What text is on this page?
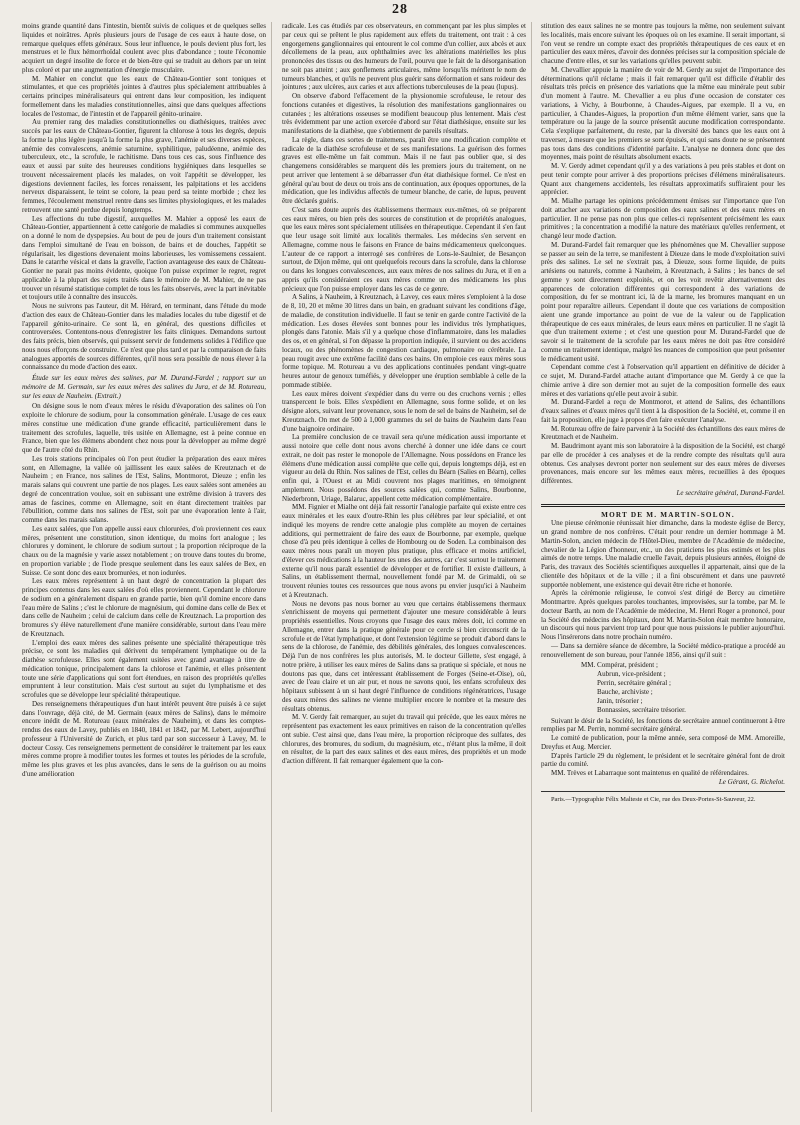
28

moins grande quantité dans l'intestin, bientôt suivis de coliques et de quelques selles liquides et noirâtres. Après plusieurs jours de l'usage de ces eaux à haute dose, on remarque quelques effets généraux. Sous leur influence, le pouls devient plus fort, les menstrues et le flux hémorrhoïdal coulent avec plus d'abondance ; toute l'économie acquiert un degré insolite de force et de bien-être qui se traduit au dehors par un teint plus coloré et par une augmentation d'énergie musculaire.

M. Mahier en conclut que les eaux de Château-Gontier sont toniques et stimulantes, et que ces propriétés jointes à d'autres plus spécialement attribuables à certains principes minéralisateurs qui entrent dans leur composition, les indiquent formellement dans les maladies constitutionnelles, ainsi que dans quelques affections locales de l'estomac, de l'intestin et de l'appareil génito-urinaire.

Au premier rang des maladies constitutionnelles ou diathésiques, traitées avec succès par les eaux de Château-Gontier, figurent la chlorose à tous les degrés, depuis la forme la plus légère jusqu'à la forme la plus grave, l'anémie et ses diverses espèces, anémie des convalescens, anémie saturnine, syphilitique, paludéenne, anémie des tuberculeux, etc., la scrofule, le rachitisme. Dans tous ces cas, sous l'influence des eaux et aussi par suite des heureuses conditions hygiéniques dans lesquelles se trouvent nécessairement placés les malades, on voit l'appétit se développer, les digestions deviennent faciles, les forces renaissent, les palpitations et les accidens nerveux disparaissent, le teint se colore, la peau perd sa teinte morbide ; chez les femmes, l'écoulement menstruel rentre dans ses limites physiologiques, et les malades retrouvent une santé perdue depuis longtemps.

Les affections du tube digestif, auxquelles M. Mahier a opposé les eaux de Château-Gontier, appartiennent à cette catégorie de maladies si communes auxquelles on a donné le nom de dyspepsies. Au bout de peu de jours d'un traitement consistant dans l'emploi simultané de l'eau en boisson, de bains et de douches, l'appétit se régularisait, les digestions devenaient moins laborieuses, les vomissemens cessaient. Dans le catarrhe vésical et dans la gravelle, l'action avantageuse des eaux de Château-Gontier ne parait pas moins évidente, quoique l'on puisse exprimer le regret, regret applicable à la plupart des sujets traités dans le mémoire de M. Mahier, de ne pas trouver un résumé statistique complet de tous les faits observés, avec la part inévitable et toujours utile à connaître des insuccès.

Nous ne suivrons pas l'auteur, dit M. Hérard, en terminant, dans l'étude du mode d'action des eaux de Château-Gontier dans les maladies locales du tube digestif et de l'appareil génito-urinaire. Ce sont là, en général, des questions difficiles et controversées. Contentons-nous d'enregistrer les faits cliniques. Demandons surtout des faits précis, bien observés, qui puissent servir de fondemens solides à l'édifice que nous nous efforçons de construire. Ce n'est que plus tard et par la comparaison de faits analogues apportés de sources différentes, qu'il nous sera possible de nous élever à la connaissance du mode d'action des eaux.

Étude sur les eaux mères des salines, par M. Durand-Fardel ; rapport sur un mémoire de M. Germain, sur les eaux mères des salines du Jura, et de M. Rotureau, sur les eaux de Nauheim. (Extrait.)

On désigne sous le nom d'eaux mères le résidu d'évaporation des salines où l'on exploite le chlorure de sodium, pour la consommation générale. L'usage de ces eaux mères constitue une médication d'une grande efficacité, particulièrement dans le traitement des scrofules, laquelle, très usitée en Allemagne, est à peine connue en France, bien que les élémens abondent chez nous pour la développer au même degré que de l'autre côté du Rhin.

Les trois stations principales où l'on peut étudier la préparation des eaux mères sont, en Allemagne, la vallée où jaillissent les eaux salées de Kreutznach et de Nauheim ; en France, nos salines de l'Est, Salins, Montmorot, Dieuze ; enfin les marais salans qui couvrent une partie de nos plages. Les eaux salées sont amenées au degré de concentration voulue, soit en subissant une extrême division à travers des amas de fascines, comme en Allemagne, soit en étant directement traitées par l'ébullition, comme dans nos salines de l'Est, soit par une évaporation lente à l'air, comme dans les marais salans.

Les eaux salées, que l'on appelle aussi eaux chlorurées, d'où proviennent ces eaux mères, présentent une constitution, sinon identique, du moins fort analogue ; les chlorures y dominent, le chlorure de sodium surtout ; la proportion réciproque de la chaux ou de la magnésie y varie assez notablement ; on trouve dans toutes du brome, en proportion variable ; de l'iode presque seulement dans les eaux salées de Bex, en Suisse. Ce sont donc des eaux bromurées, et non iodurées.

Les eaux mères représentent à un haut degré de concentration la plupart des principes contenus dans les eaux salées d'où elles proviennent. Cependant le chlorure de sodium en a généralement disparu en grande partie, bien qu'il domine encore dans l'eau mère de Salins ; c'est le chlorure de magnésium, qui domine dans celle de Bex et dans celle de Nauheim ; celui de calcium dans celle de Kreutznach. La proportion des bromures s'y élève naturellement d'une manière considérable, surtout dans l'eau mère de Kreutznach.

L'emploi des eaux mères des salines présente une spécialité thérapeutique très précise, ce sont les maladies qui dérivent du tempérament lymphatique ou de la diathèse scrofuleuse. Elles sont également usitées avec grand avantage à titre de médication tonique, principalement dans la chlorose et l'anémie, et elles présentent toute une série d'applications qui sont fort étendues, en raison des propriétés qu'elles empruntent à leur constitution. Mais c'est surtout au sujet du lymphatisme et des scrofules que se développe leur spécialité thérapeutique.

Des renseignemens thérapeutiques d'un haut intérêt peuvent être puisés à ce sujet dans l'ouvrage, déjà cité, de M. Germain (eaux mères de Salins), dans le mémoire encore inédit de M. Rotureau (eaux minérales de Nauheim), et dans les comptes-rendus des eaux de Lavey, publiés en 1840, 1841 et 1842, par M. Lebert, aujourd'hui professeur à l'Université de Zurich, et plus tard par son successeur à Lavey, M. le docteur Cossy. Ces renseignemens permettent de considérer le traitement par les eaux mères comme propre à modifier toutes les formes et toutes les périodes de la scrofule, même les plus graves et les plus avancées, dans le sens de la guérison ou au moins d'une amélioration

radicale. Les cas étudiés par ces observateurs, en commençant par les plus simples et par ceux qui se prêtent le plus rapidement aux effets du traitement, ont trait : à ces engorgemens ganglionnaires qui entourent le col comme d'un collier, aux abcès et aux décollemens de la peau, aux ophthalmies avec les altérations matérielles les plus prononcées des tissus ou des humeurs de l'œil, pourvu que le fait de la désorganisation ne soit pas atteint ; aux gonflemens articulaires, même lorsqu'ils méritent le nom de tumeurs blanches, et qu'ils ne peuvent plus guérir sans déformation et sans roideur des jointures ; aux ulcères, aux caries et aux affections tuberculeuses de la peau (lupus).

On observe d'abord l'effacement de la physionomie scrofuleuse, le retour des fonctions cutanées et digestives, la résolution des manifestations ganglionnaires ou cutanées ; les altérations osseuses se modifient beaucoup plus lentement. Mais c'est très évidemment par une action exercée d'abord sur l'état diathésique, ensuite sur les manifestations de la diathèse, que s'obtiennent de pareils résultats.

La règle, dans ces sortes de traitemens, paraît être une modification complète et radicale de la diathèse scrofuleuse et de ses manifestations. La guérison des formes graves est elle-même un fait commun. Mais il ne faut pas oublier que, si des changemens considérables se marquent dès les premiers jours du traitement, on ne peut arriver que lentement à se débarrasser d'un état diathésique formel. Ce n'est en général qu'au bout de deux ou trois ans de continuation, aux époques opportunes, de la médication, que les individus affectés de tumeur blanche, de carie, de lupus, peuvent être déclarés guéris.

C'est sans doute auprès des établissemens thermaux eux-mêmes, où se préparent ces eaux mères, ou bien près des sources de constitution et de propriétés analogues, que les eaux mères sont spécialement utilisées en thérapeutique. Cependant il s'en faut que leur usage soit limité aux localités thermales. Les médecins s'en servent en Allemagne, comme nous le faisons en France de bains médicamenteux quelconques. L'auteur de ce rapport a interrogé ses confrères de Lons-le-Saulnier, de Besançon surtout, de Dijon même, qui ont quelquefois recours dans la scrofule, dans la chlorose ou dans les longues convalescences, aux eaux mères de nos salines du Jura, et il en a appris qu'ils considéraient ces eaux mères comme un des médicamens les plus précieux que l'on puisse employer dans les cas de ce genre.

A Salins, à Nauheim, à Kreutznach, à Lavey, ces eaux mères s'emploient à la dose de 8, 10, 20 et même 30 litres dans un bain, en graduant suivant les conditions d'âge, de maladie, de constitution individuelle. Il faut se tenir en garde contre l'activité de la médication. Les doses élevées sont bonnes pour les individus très lymphatiques, plongés dans l'atonie. Mais s'il y a quelque chose d'inflammatoire, dans les maladies des os, et en général, si l'on dépasse la proportion indiquée, il survient ou des accidens locaux, ou des phénomènes de congestion cardiaque, pulmonaire ou cérébrale. La peau rougit avec une extrême facilité dans ces bains. On emploie ces eaux mères sous forme topique. M. Rotureau a vu des applications continuées pendant vingt-quatre heures autour de genoux tuméfiés, y développer une éruption semblable à celle de la pommade stibiée.

Les eaux mères doivent s'expédier dans du verre ou des cruchons vernis ; elles transpercent le bois. Elles s'expédient en Allemagne, sous forme solide, et on les désigne alors, suivant leur provenance, sous le nom de sel de bains de Nauheim, sel de Kreutznach. On met de 500 à 1,000 grammes du sel de bains de Nauheim dans l'eau d'une baignoire ordinaire.

La première conclusion de ce travail sera qu'une médication aussi importante et aussi notoire que celle dont nous avons cherché à donner une idée dans ce court extrait, ne doit pas rester le monopole de l'Allemagne. Nous possédons en France les élémens d'une médication aussi complète que celle qui, depuis longtemps déjà, est en vigueur au delà du Rhin. Nos salines de l'Est, celles du Béarn (Salies en Béarn), celles enfin qui, à l'Ouest et au Midi couvrent nos plages maritimes, en témoignent amplement. Nous possédons des sources salées qui, comme Salins, Bourbonne, Niederbronn, Uriage, Balaruc, appellent cette médication complémentaire.

MM. Fignier et Mialhe ont déjà fait ressortir l'analogie parfaite qui existe entre ces eaux minérales et les eaux d'outre-Rhin les plus célèbres par leur spécialité, et ont indiqué les moyens de rendre cette analogie plus complète au moyen de certaines additions, qui permettraient de faire des eaux de Bourbonne, par exemple, quelque chose d'à peu près identique à celles de Hombourg ou de Soden. La combinaison des eaux mères nous paraît un moyen plus pratique, plus efficace et moins artificiel, d'élever ces médications à la hauteur les unes des autres, car c'est surtout le traitement externe qu'il nous paraît essentiel de développer et de fortifier. Il existe d'ailleurs, à Salins, un établissement thermal, nouvellement fondé par M. de Grimaldi, où se trouvent réunies toutes ces ressources que nous avons pu envier jusqu'ici à Nauheim et à Kreutznach.

Nous ne devons pas nous borner au vœu que certains établissemens thermaux s'enrichissent de moyens qui permettent d'ajouter une mesure considérable à leurs propriétés essentielles. Nous croyons que l'usage des eaux mères doit, ici comme en Allemagne, entrer dans la pratique générale pour ce cercle si bien circonscrit de la scrofule et de l'état lymphatique, et dont l'extension légitime se produit d'abord dans le sens de la chlorose, de l'anémie, des débilités générales, des longues convalescences. Déjà l'un de nos confrères les plus autorisés, M. le docteur Gillette, s'est engagé, à notre prière, à utiliser les eaux mères de Salins dans sa pratique si spéciale, et nous ne doutons pas que, dans cet intéressant établissement de Forges (Seine-et-Oise), où, avec de l'eau claire et un air pur, et nous ne savons quoi, les enfans scrofuleux des hôpitaux subissent à un si haut degré l'influence de conditions régénératrices, l'usage des eaux mères des salines ne vienne multiplier encore le nombre et la mesure des résultats obtenus.

M. V. Gerdy fait remarquer, au sujet du travail qui précède, que les eaux mères ne représentent pas exactement les eaux primitives en raison de la concentration qu'elles ont subie. C'est ainsi que, dans l'eau mère, la proportion réciproque des sulfates, des chlorures, des bromures, du sodium, du magnésium, etc., n'étant plus la même, il doit en résulter, de la part des eaux salines et des eaux mères, des propriétés et un mode d'action différent. Il fait remarquer également que la con-

stitution des eaux salines ne se montre pas toujours la même, non seulement suivant les localités, mais encore suivant les époques où on les examine. Il serait important, si l'on veut se rendre un compte exact des propriétés thérapeutiques de ces eaux et en particulier des eaux mères, d'avoir des données précises sur la composition spéciale de chacune d'entre elles, et sur les variations qu'elles peuvent subir.

M. Chevallier appuie la manière de voir de M. Gerdy au sujet de l'importance des déterminations qu'il réclame ; mais il fait remarquer qu'il est difficile d'établir des résultats très précis en présence des variations que la même eau minérale peut subir d'un moment à l'autre. M. Chevallier a eu plus d'une occasion de constater ces variations, à Vichy, à Bourbonne, à Chaudes-Aigues, par exemple. Il a vu, en particulier, à Chaudes-Aigues, la proportion d'un même élément varier, sans que la température ou la jauge de la source présentât aucune modification correspondante. Cela s'explique parfaitement, du reste, par la diversité des bancs que les eaux ont à traverser, à mesure que les premiers se sont épuisés, et qui sans doute ne se présentent pas tous dans des conditions d'identité parfaite. L'analyse ne donnera donc que des moyennes, mais point de résultats absolument exacts.

M. V. Gerdy admet cependant qu'il y a des variations à peu près stables et dont on peut tenir compte pour arriver à des proportions précises d'élémens minéralisateurs. Quant aux changemens accidentels, les résultats approximatifs suffiraient pour les apprécier.

M. Mialhe partage les opinions précédemment émises sur l'importance que l'on doit attacher aux variations de composition des eaux salines et des eaux mères en particulier. Il ne pense pas non plus que celles-ci représentent précisément les eaux primitives ; la concentration a modifié la nature des matériaux qu'elles renferment, et changé leur mode d'action.

M. Durand-Fardel fait remarquer que les phénomènes que M. Chevallier suppose se passer au sein de la terre, se manifestent à Dieuze dans le mode d'exploitation suivi près des salines. Le sel ne s'extrait pas, à Dieuze, sous forme liquide, de puits artésiens ou naturels, comme à Nauheim, à Kreutznach, à Salins ; les bancs de sel gemme y sont directement exploités, et on les voit revêtir alternativement des apparences de coloration différentes qui correspondent à des variations de composition, du fer se montrant ici, là de la marne, les bromures manquant en un point pour reparaître ailleurs. Cependant il doute que ces variations de composition aient une grande importance au point de vue de la valeur ou de l'application thérapeutique de ces eaux minérales, de leurs eaux mères en particulier. Il ne s'agit là que d'un traitement externe ; et c'est une question pour M. Durand-Fardel que de savoir si le traitement de la scrofule par les eaux mères ne doit pas être considéré comme un traitement identique, malgré les nuances de composition que peut présenter le médicament usité.

Cependant comme c'est à l'observation qu'il appartient en définitive de décider à ce sujet, M. Durand-Fardel attache autant d'importance que M. Gerdy à ce que la chimie arrive à dire son dernier mot au sujet de la composition formelle des eaux mères et des variations qu'elle peut avoir à subir.

M. Durand-Fardel a reçu de Montmorot, et attend de Salins, des échantillons d'eaux salines et d'eaux mères qu'il tient à la disposition de la Société, et, comme il en fait la proposition, elle juge à propos d'en faire exécuter l'analyse.

M. Rotureau offre de faire parvenir à la Société des échantillons des eaux mères de Kreutznach et de Nauheim.

M. Baudrimont ayant mis son laboratoire à la disposition de la Société, est chargé par elle de procéder à ces analyses et de la rendre compte des résultats qu'il aura obtenus. Ces analyses devront porter non seulement sur des eaux mères de diverses provenances, mais encore sur les mêmes eaux mères, recueillies à des époques différentes.

Le secrétaire général, Durand-Fardel.

MORT DE M. MARTIN-SOLON.

Une pieuse cérémonie réunissait hier dimanche, dans la modeste église de Bercy, un grand nombre de nos confrères. C'était pour rendre un dernier hommage à M. Martin-Solon, ancien médecin de l'Hôtel-Dieu, membre de l'Académie de médecine, chevalier de la Légion d'honneur, etc., un des praticiens les plus estimés et les plus aimés de notre temps. Une maladie cruelle l'avait, depuis plusieurs années, éloigné de Paris, des travaux des Sociétés scientifiques auxquelles il appartenait, ainsi que de la clientèle des hôpitaux et de la ville ; il a fini obscurément et dans une pauvreté supportée noblement, une existence qui devait être riche et honorée.

Après la cérémonie religieuse, le convoi s'est dirigé de Bercy au cimetière Montmartre. Après quelques paroles touchantes, improvisées, sur la tombe, par M. le docteur Barth, au nom de l'Académie de médecine, M. Henri Roger a prononcé, pour la Société des médecins des hôpitaux, dont M. Martin-Solon était membre honoraire, un discours qui nous parvient trop tard pour que nous puissions le publier aujourd'hui. Nous l'insérerons dans notre prochain numéro.

— Dans sa dernière séance de décembre, la Société médico-pratique a procédé au renouvellement de son bureau, pour l'année 1856, ainsi qu'il suit :

MM. Compérat, président ;
Aubrun, vice-président ;
Perrin, secrétaire général ;
Bauche, archiviste ;
Janin, trésorier ;
Bonnassies, secrétaire trésorier.

Suivant le désir de la Société, les fonctions de secrétaire annuel continueront à être remplies par M. Perrin, nommé secrétaire général.

Le comité de publication, pour la même année, sera composé de MM. Amoreille, Dreyfus et Aug. Mercier.

D'après l'article 29 du règlement, le président et le secrétaire général font de droit partie du comité.

MM. Trèves et Labarraque sont maintenus en qualité de référendaires.

Le Gérant, G. Richelot.

Paris.—Typographie Félix Malteste et Cie, rue des Deux-Portes-St-Sauveur, 22.
